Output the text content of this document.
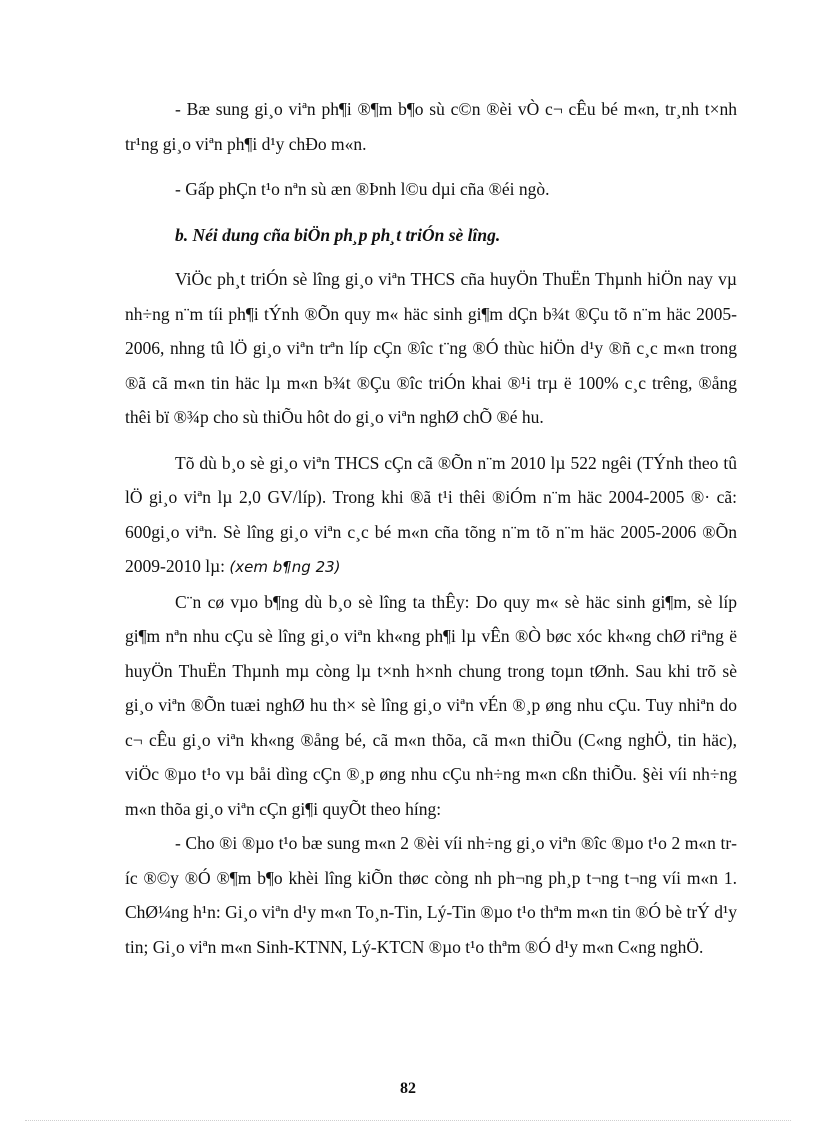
- Bæ sung gi¸o viªn ph¶i ®¶m b¶o sù c©n ®èi vÒ c¬ cÊu bé m«n, tr¸nh t×nh tr¹ng gi¸o viªn ph¶i d¹y chÐo m«n.

- Gấp phÇn t¹o nªn sù æn ®Þnh l©u dµi cña ®éi ngò.

b. Néi dung cña biÖn ph¸p ph¸t triÓn sè lîng.

ViÖc ph¸t triÓn sè lîng gi¸o viªn THCS cña huyÖn ThuËn Thµnh hiÖn nay vµ nh÷ng n¨m tíi ph¶i tÝnh ®Õn quy m« häc sinh gi¶m dÇn b¾t ®Çu tõ n¨m häc 2005-2006, nhng tû lÖ gi¸o viªn trªn líp cÇn ®îc t¨ng ®Ó thùc hiÖn d¹y ®ñ c¸c m«n trong ®ã cã m«n tin häc lµ m«n b¾t ®Çu ®îc triÓn khai ®¹i trµ ë 100% c¸c trêng, ®ång thêi bï ®¾p cho sù thiÕu hôt do gi¸o viªn nghØ chÕ ®é hu.

Tõ dù b¸o sè gi¸o viªn THCS cÇn cã ®Õn n¨m 2010 lµ 522 ngêi (TÝnh theo tû lÖ gi¸o viªn lµ 2,0 GV/líp). Trong khi ®ã t¹i thêi ®iÓm n¨m häc 2004-2005 ®· cã: 600gi¸o viªn. Sè lîng gi¸o viªn c¸c bé m«n cña tõng n¨m tõ n¨m häc 2005-2006 ®Õn 2009-2010 lµ: (xem b¶ng 23)

C¨n cø vµo b¶ng dù b¸o sè lîng ta thÊy: Do quy m« sè häc sinh gi¶m, sè líp gi¶m nªn nhu cÇu sè lîng gi¸o viªn kh«ng ph¶i lµ vÊn ®Ò bøc xóc kh«ng chØ riªng ë huyÖn ThuËn Thµnh mµ còng lµ t×nh h×nh chung trong toµn tØnh. Sau khi trõ sè gi¸o viªn ®Õn tuæi nghØ hu th× sè lîng gi¸o viªn vÉn ®¸p øng nhu cÇu. Tuy nhiªn do c¬ cÊu gi¸o viªn kh«ng ®ång bé, cã m«n thõa, cã m«n thiÕu (C«ng nghÖ, tin häc), viÖc ®µo t¹o vµ båi dìng cÇn ®¸p øng nhu cÇu nh÷ng m«n cßn thiÕu. §èi víi nh÷ng m«n thõa gi¸o viªn cÇn gi¶i quyÕt theo híng:

- Cho ®i ®µo t¹o bæ sung m«n 2 ®èi víi nh÷ng gi¸o viªn ®îc ®µo t¹o 2 m«n tríc ®©y ®Ó ®¶m b¶o khèi lîng kiÕn thøc còng nh ph¬ng ph¸p t¬ng t¬ng víi m«n 1. ChØ¼ng h¹n: Gi¸o viªn d¹y m«n To¸n-Tin, Lý-Tin ®µo t¹o thªm m«n tin ®Ó bè trÝ d¹y tin; Gi¸o viªn m«n Sinh-KTNN, Lý-KTCN ®µo t¹o thªm ®Ó d¹y m«n C«ng nghÖ.

82
